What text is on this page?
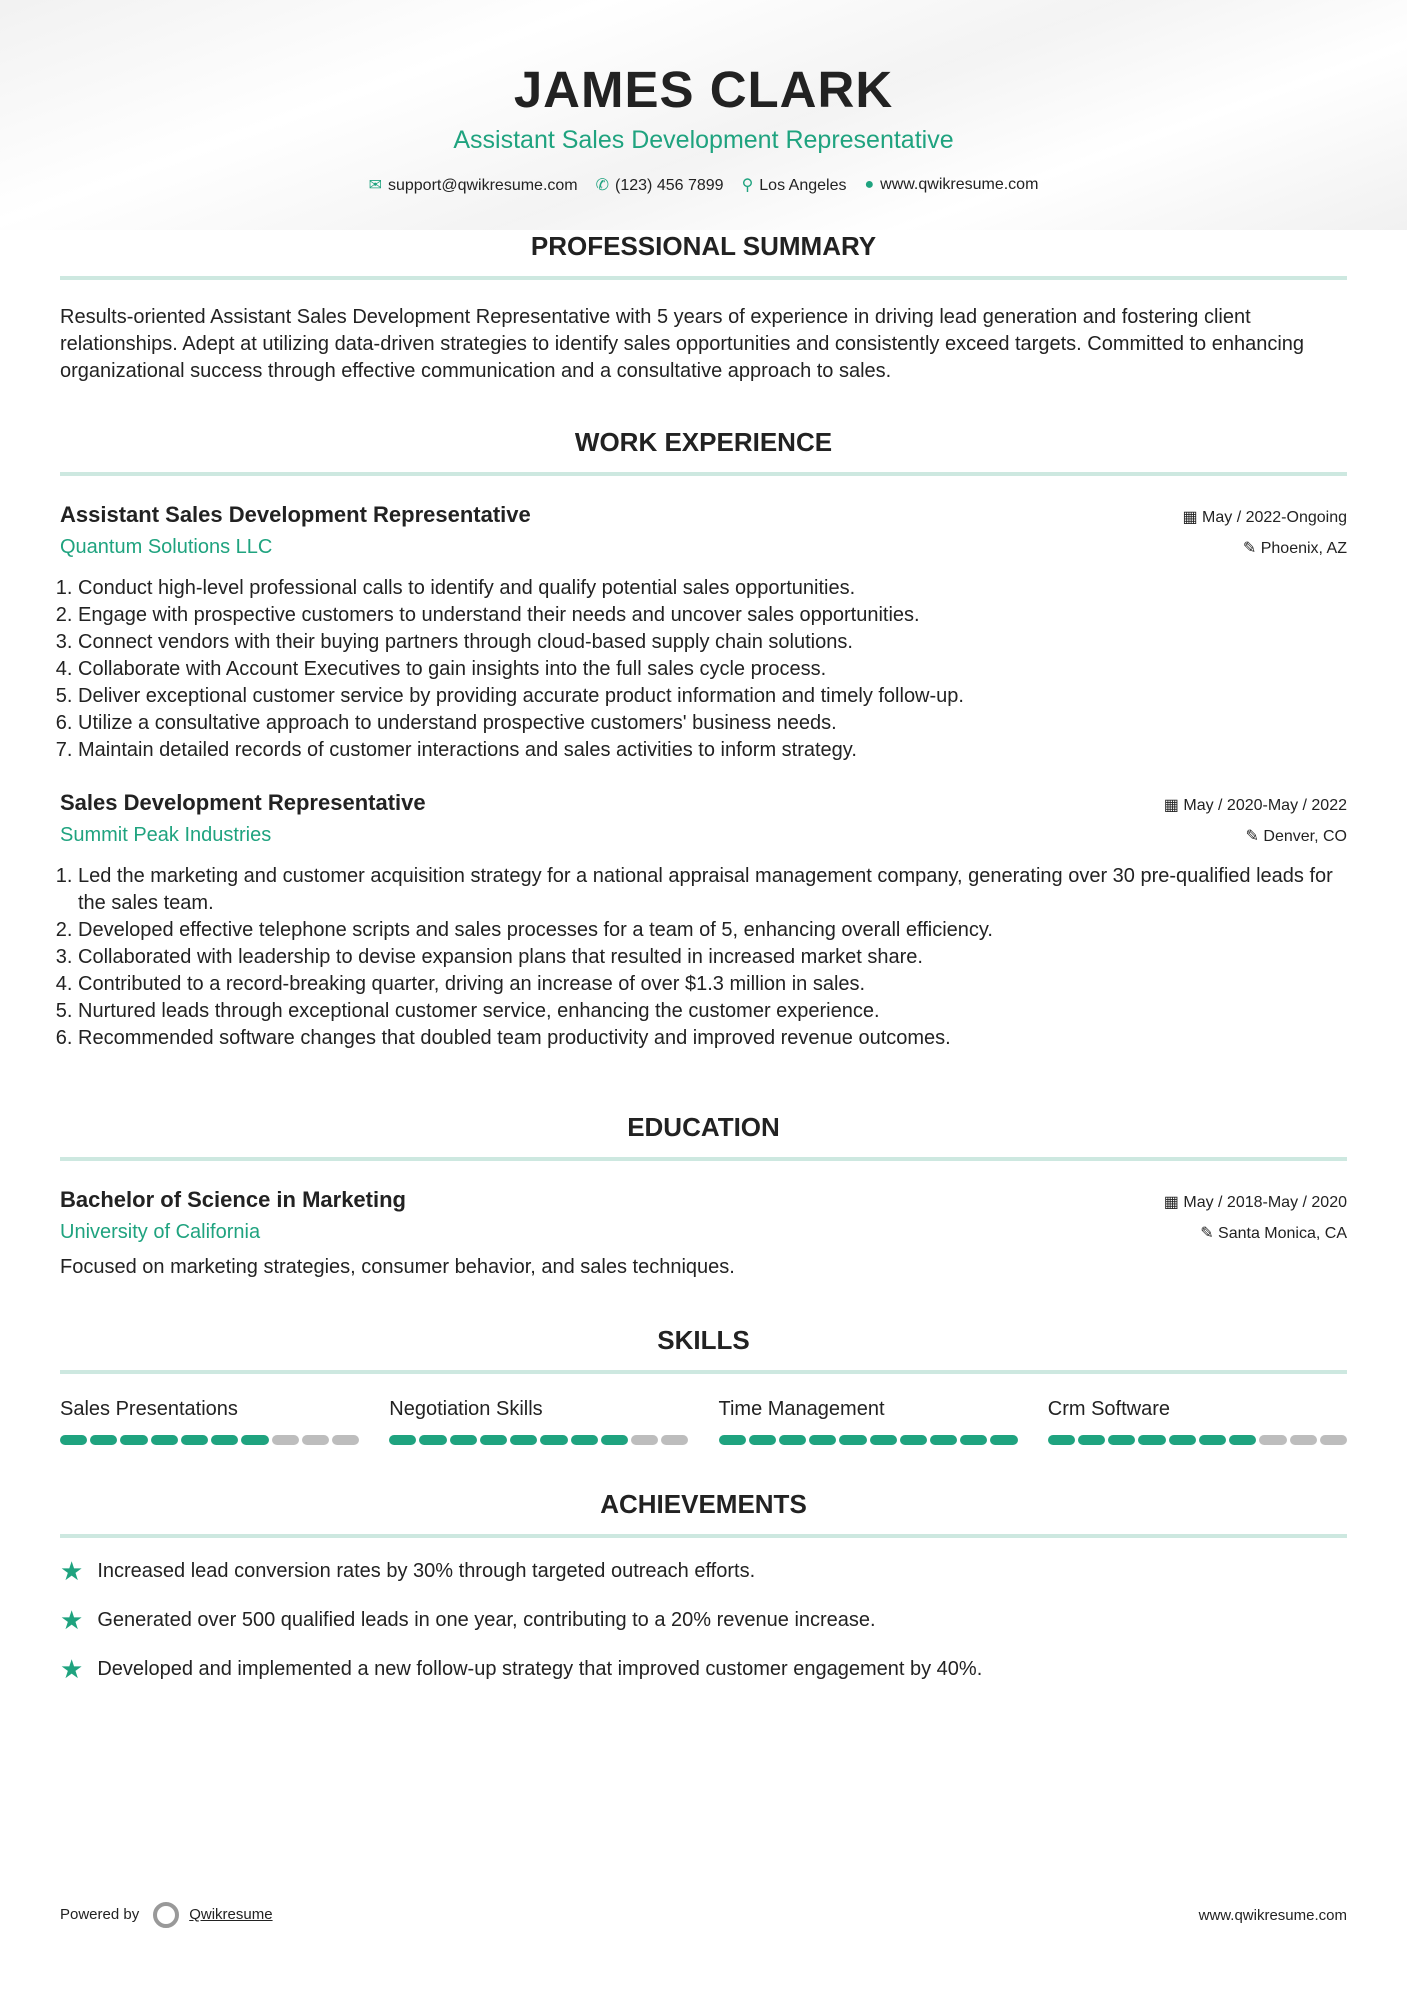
JAMES CLARK
Assistant Sales Development Representative
✉ support@qwikresume.com ✆ (123) 456 7899 ⚲ Los Angeles ● www.qwikresume.com
PROFESSIONAL SUMMARY

Results-oriented Assistant Sales Development Representative with 5 years of experience in driving lead generation and fostering client relationships. Adept at utilizing data-driven strategies to identify sales opportunities and consistently exceed targets. Committed to enhancing organizational success through effective communication and a consultative approach to sales.

WORK EXPERIENCE
Assistant Sales Development Representative	▦ May / 2022-Ongoing
Quantum Solutions LLC	✎ Phoenix, AZ
1. Conduct high-level professional calls to identify and qualify potential sales opportunities.
2. Engage with prospective customers to understand their needs and uncover sales opportunities.
3. Connect vendors with their buying partners through cloud-based supply chain solutions.
4. Collaborate with Account Executives to gain insights into the full sales cycle process.
5. Deliver exceptional customer service by providing accurate product information and timely follow-up.
6. Utilize a consultative approach to understand prospective customers' business needs.
7. Maintain detailed records of customer interactions and sales activities to inform strategy.
Sales Development Representative	▦ May / 2020-May / 2022
Summit Peak Industries	✎ Denver, CO
1. Led the marketing and customer acquisition strategy for a national appraisal management company, generating over 30 pre-qualified leads for the sales team.
2. Developed effective telephone scripts and sales processes for a team of 5, enhancing overall efficiency.
3. Collaborated with leadership to devise expansion plans that resulted in increased market share.
4. Contributed to a record-breaking quarter, driving an increase of over $1.3 million in sales.
5. Nurtured leads through exceptional customer service, enhancing the customer experience.
6. Recommended software changes that doubled team productivity and improved revenue outcomes.
EDUCATION
Bachelor of Science in Marketing	▦ May / 2018-May / 2020
University of California	✎ Santa Monica, CA

Focused on marketing strategies, consumer behavior, and sales techniques.

SKILLS
Sales Presentations	Negotiation Skills	Time Management	Crm Software
ACHIEVEMENTS
★ Increased lead conversion rates by 30% through targeted outreach efforts.
★ Generated over 500 qualified leads in one year, contributing to a 20% revenue increase.
★ Developed and implemented a new follow-up strategy that improved customer engagement by 40%.
Powered by	Qwikresume	www.qwikresume.com
